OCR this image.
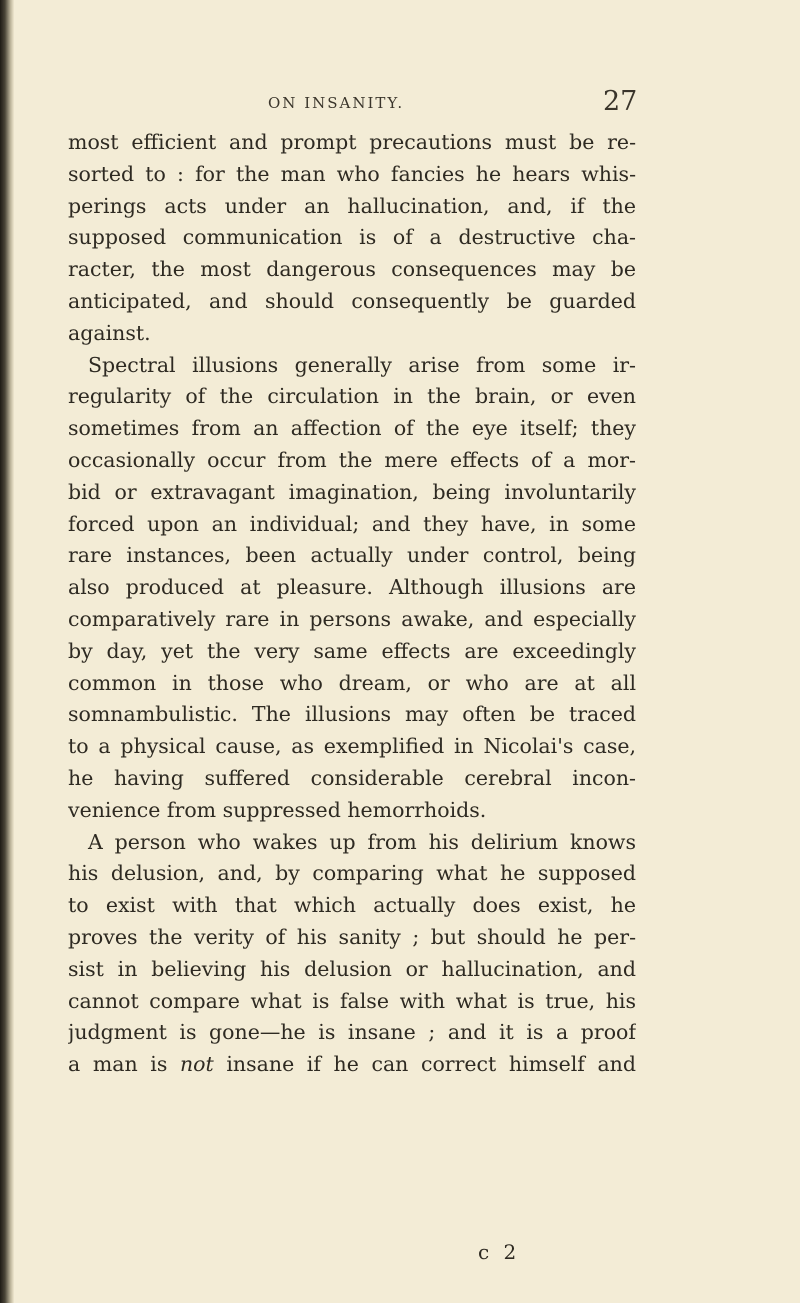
ON INSANITY.	27
most efficient and prompt precautions must be re-
sorted to : for the man who fancies he hears whis-
perings acts under an hallucination, and, if the
supposed communication is of a destructive cha-
racter, the most dangerous consequences may be
anticipated, and should consequently be guarded
against.
Spectral illusions generally arise from some ir-
regularity of the circulation in the brain, or even
sometimes from an affection of the eye itself; they
occasionally occur from the mere effects of a mor-
bid or extravagant imagination, being involuntarily
forced upon an individual; and they have, in some
rare instances, been actually under control, being
also produced at pleasure. Although illusions are
comparatively rare in persons awake, and especially
by day, yet the very same effects are exceedingly
common in those who dream, or who are at all
somnambulistic. The illusions may often be traced
to a physical cause, as exemplified in Nicolai's case,
he having suffered considerable cerebral incon-
venience from suppressed hemorrhoids.
A person who wakes up from his delirium knows
his delusion, and, by comparing what he supposed
to exist with that which actually does exist, he
proves the verity of his sanity ; but should he per-
sist in believing his delusion or hallucination, and
cannot compare what is false with what is true, his
judgment is gone—he is insane ; and it is a proof
a man is not insane if he can correct himself and
c 2
